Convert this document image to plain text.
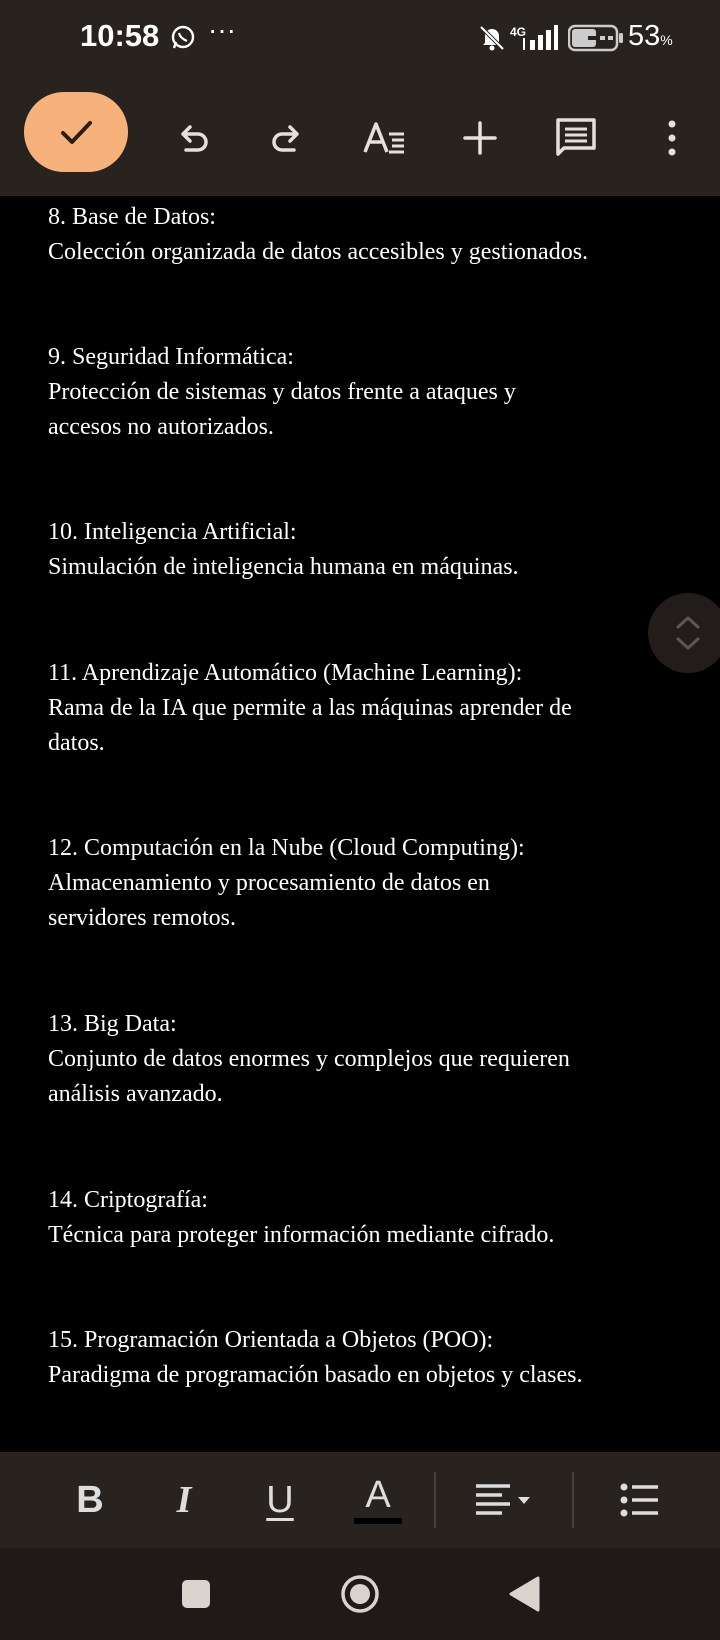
10:58 ···	4G	53%

8. Base de Datos:

Colección organizada de datos accesibles y gestionados.

9. Seguridad Informática:

Protección de sistemas y datos frente a ataques y

accesos no autorizados.

10. Inteligencia Artificial:

Simulación de inteligencia humana en máquinas.

11. Aprendizaje Automático (Machine Learning):

Rama de la IA que permite a las máquinas aprender de

datos.

12. Computación en la Nube (Cloud Computing):

Almacenamiento y procesamiento de datos en

servidores remotos.

13. Big Data:

Conjunto de datos enormes y complejos que requieren

análisis avanzado.

14. Criptografía:

Técnica para proteger información mediante cifrado.

15. Programación Orientada a Objetos (POO):

Paradigma de programación basado en objetos y clases.

B	I	U	A
